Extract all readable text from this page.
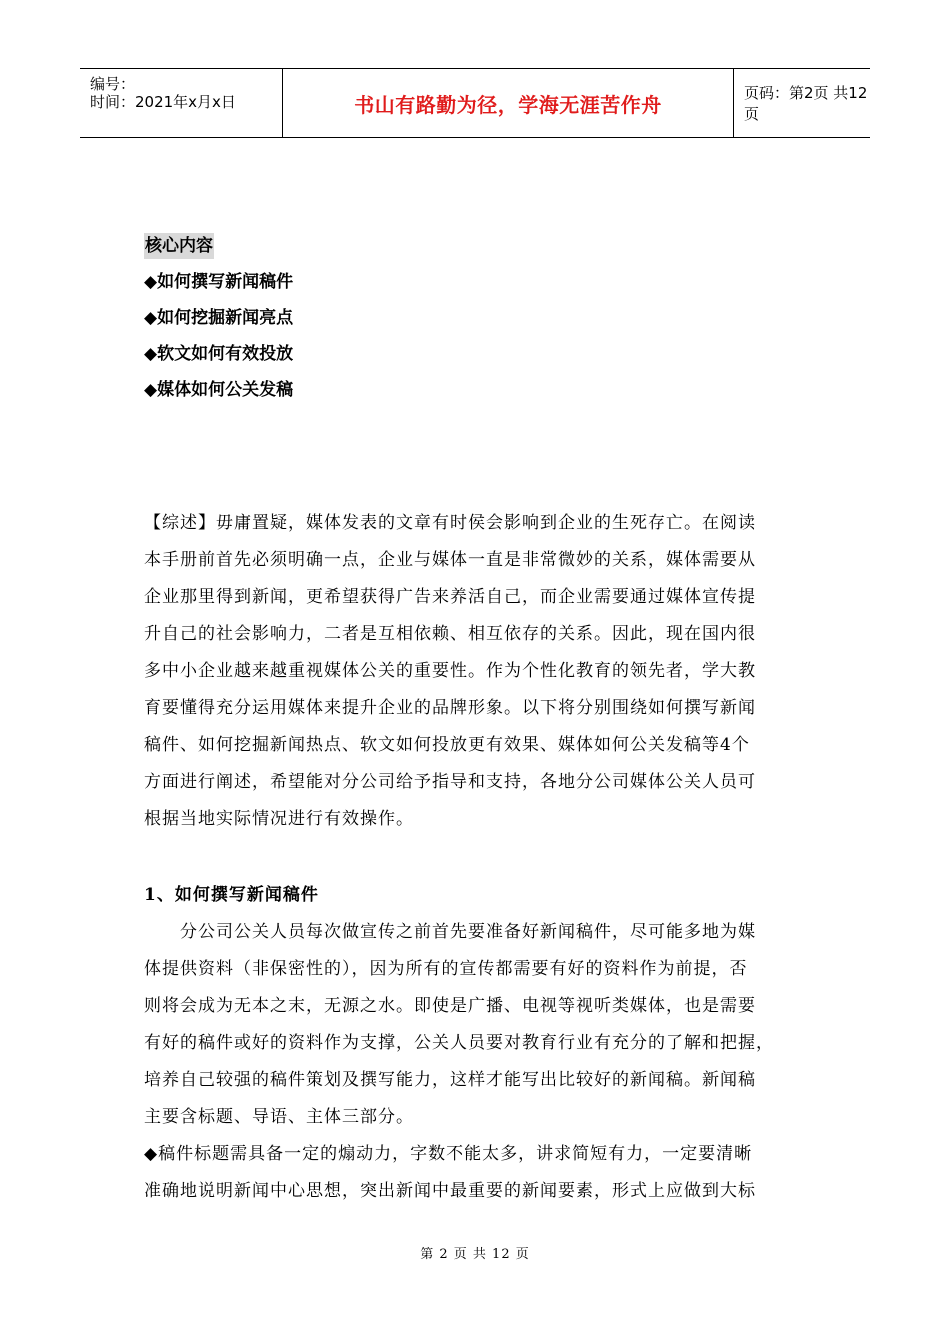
编号：
时间：2021年x月x日	书山有路勤为径，学海无涯苦作舟	页码：第2页 共12页
核心内容
◆如何撰写新闻稿件
◆如何挖掘新闻亮点
◆软文如何有效投放
◆媒体如何公关发稿

【综述】毋庸置疑，媒体发表的文章有时侯会影响到企业的生死存亡。在阅读

本手册前首先必须明确一点，企业与媒体一直是非常微妙的关系，媒体需要从

企业那里得到新闻，更希望获得广告来养活自己，而企业需要通过媒体宣传提

升自己的社会影响力，二者是互相依赖、相互依存的关系。因此，现在国内很

多中小企业越来越重视媒体公关的重要性。作为个性化教育的领先者，学大教

育要懂得充分运用媒体来提升企业的品牌形象。以下将分别围绕如何撰写新闻

稿件、如何挖掘新闻热点、软文如何投放更有效果、媒体如何公关发稿等4个

方面进行阐述，希望能对分公司给予指导和支持，各地分公司媒体公关人员可

根据当地实际情况进行有效操作。

1、如何撰写新闻稿件

分公司公关人员每次做宣传之前首先要准备好新闻稿件，尽可能多地为媒

体提供资料（非保密性的），因为所有的宣传都需要有好的资料作为前提，否

则将会成为无本之末，无源之水。即使是广播、电视等视听类媒体，也是需要

有好的稿件或好的资料作为支撑，公关人员要对教育行业有充分的了解和把握，

培养自己较强的稿件策划及撰写能力，这样才能写出比较好的新闻稿。新闻稿

主要含标题、导语、主体三部分。

◆稿件标题需具备一定的煽动力，字数不能太多，讲求简短有力，一定要清晰

准确地说明新闻中心思想，突出新闻中最重要的新闻要素，形式上应做到大标

第 2 页 共 12 页
